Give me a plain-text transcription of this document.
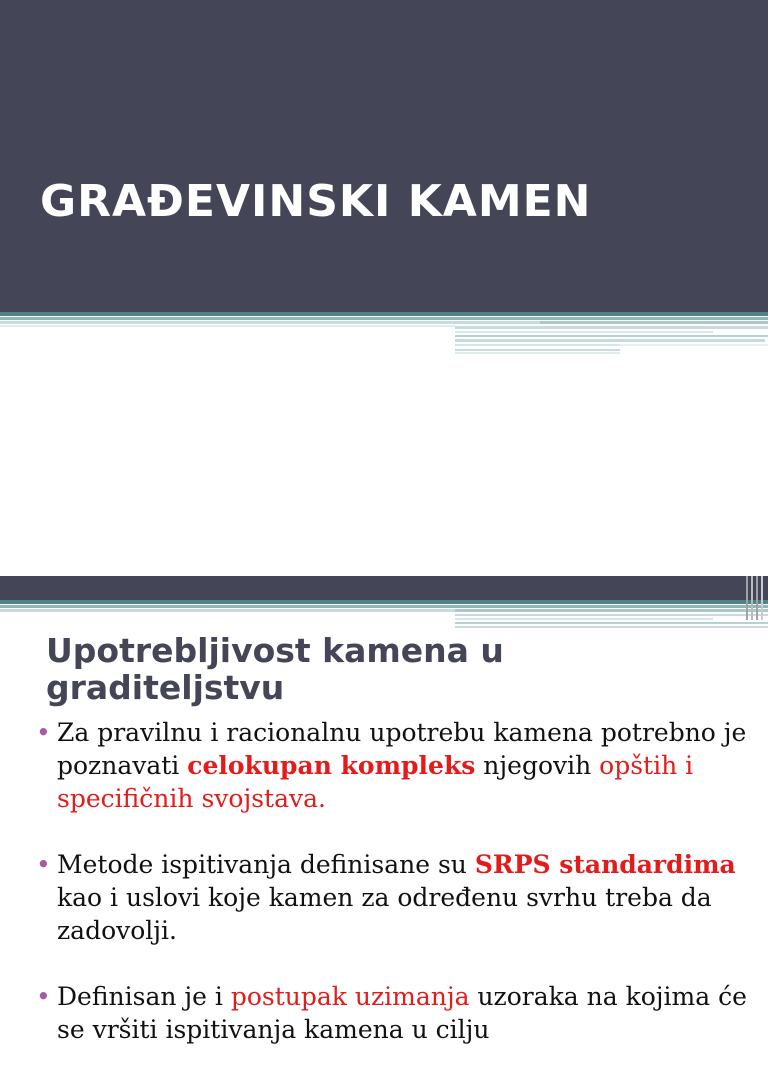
GRAĐEVINSKI KAMEN
Upotrebljivost kamena u graditeljstvu
• Za pravilnu i racionalnu upotrebu kamena potrebno je poznavati celokupan kompleks njegovih opštih i specifičnih svojstava.
• Metode ispitivanja definisane su SRPS standardima kao i uslovi koje kamen za određenu svrhu treba da zadovolji.
• Definisan je i postupak uzimanja uzoraka na kojima će se vršiti ispitivanja kamena u cilju
